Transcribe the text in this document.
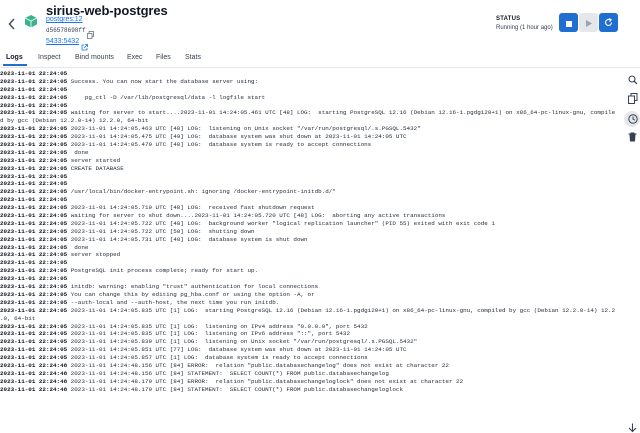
sirius-web-postgres
postgres:12
d56578698ff
5433:5432
STATUS
Running (1 hour ago)
Logs Inspect Bind mounts Exec Files Stats
2023-11-01 22:24:05
2023-11-01 22:24:05 Success. You can now start the database server using:
2023-11-01 22:24:05
2023-11-01 22:24:05     pg_ctl -D /var/lib/postgresql/data -l logfile start
2023-11-01 22:24:05
2023-11-01 22:24:05 waiting for server to start....2023-11-01 14:24:05.461 UTC [48] LOG:  starting PostgreSQL 12.16 (Debian 12.16-1.pgdg120+1) on x86_64-pc-linux-gnu, compile
d by gcc (Debian 12.2.0-14) 12.2.0, 64-bit
2023-11-01 22:24:05 2023-11-01 14:24:05.463 UTC [48] LOG:  listening on Unix socket "/var/run/postgresql/.s.PGSQL.5432"
2023-11-01 22:24:05 2023-11-01 14:24:05.475 UTC [49] LOG:  database system was shut down at 2023-11-01 14:24:05 UTC
2023-11-01 22:24:05 2023-11-01 14:24:05.479 UTC [48] LOG:  database system is ready to accept connections
2023-11-01 22:24:05  done
2023-11-01 22:24:05 server started
2023-11-01 22:24:05 CREATE DATABASE
2023-11-01 22:24:05
2023-11-01 22:24:05
2023-11-01 22:24:05 /usr/local/bin/docker-entrypoint.sh: ignoring /docker-entrypoint-initdb.d/*
2023-11-01 22:24:05
2023-11-01 22:24:05 2023-11-01 14:24:05.719 UTC [48] LOG:  received fast shutdown request
2023-11-01 22:24:05 waiting for server to shut down....2023-11-01 14:24:05.720 UTC [48] LOG:  aborting any active transactions
2023-11-01 22:24:05 2023-11-01 14:24:05.722 UTC [48] LOG:  background worker "logical replication launcher" (PID 55) exited with exit code 1
2023-11-01 22:24:05 2023-11-01 14:24:05.722 UTC [50] LOG:  shutting down
2023-11-01 22:24:05 2023-11-01 14:24:05.731 UTC [48] LOG:  database system is shut down
2023-11-01 22:24:05  done
2023-11-01 22:24:05 server stopped
2023-11-01 22:24:05
2023-11-01 22:24:05 PostgreSQL init process complete; ready for start up.
2023-11-01 22:24:05
2023-11-01 22:24:05 initdb: warning: enabling "trust" authentication for local connections
2023-11-01 22:24:05 You can change this by editing pg_hba.conf or using the option -A, or
2023-11-01 22:24:05 --auth-local and --auth-host, the next time you run initdb.
2023-11-01 22:24:05 2023-11-01 14:24:05.835 UTC [1] LOG:  starting PostgreSQL 12.16 (Debian 12.16-1.pgdg120+1) on x86_64-pc-linux-gnu, compiled by gcc (Debian 12.2.0-14) 12.2
.0, 64-bit
2023-11-01 22:24:05 2023-11-01 14:24:05.835 UTC [1] LOG:  listening on IPv4 address "0.0.0.0", port 5432
2023-11-01 22:24:05 2023-11-01 14:24:05.835 UTC [1] LOG:  listening on IPv6 address "::", port 5432
2023-11-01 22:24:05 2023-11-01 14:24:05.839 UTC [1] LOG:  listening on Unix socket "/var/run/postgresql/.s.PGSQL.5432"
2023-11-01 22:24:05 2023-11-01 14:24:05.851 UTC [77] LOG:  database system was shut down at 2023-11-01 14:24:05 UTC
2023-11-01 22:24:05 2023-11-01 14:24:05.857 UTC [1] LOG:  database system is ready to accept connections
2023-11-01 22:24:48 2023-11-01 14:24:48.156 UTC [84] ERROR:  relation "public.databasechangelog" does not exist at character 22
2023-11-01 22:24:48 2023-11-01 14:24:48.156 UTC [84] STATEMENT:  SELECT COUNT(*) FROM public.databasechangelog
2023-11-01 22:24:48 2023-11-01 14:24:48.179 UTC [84] ERROR:  relation "public.databasechangeloglock" does not exist at character 22
2023-11-01 22:24:48 2023-11-01 14:24:48.179 UTC [84] STATEMENT:  SELECT COUNT(*) FROM public.databasechangeloglock
